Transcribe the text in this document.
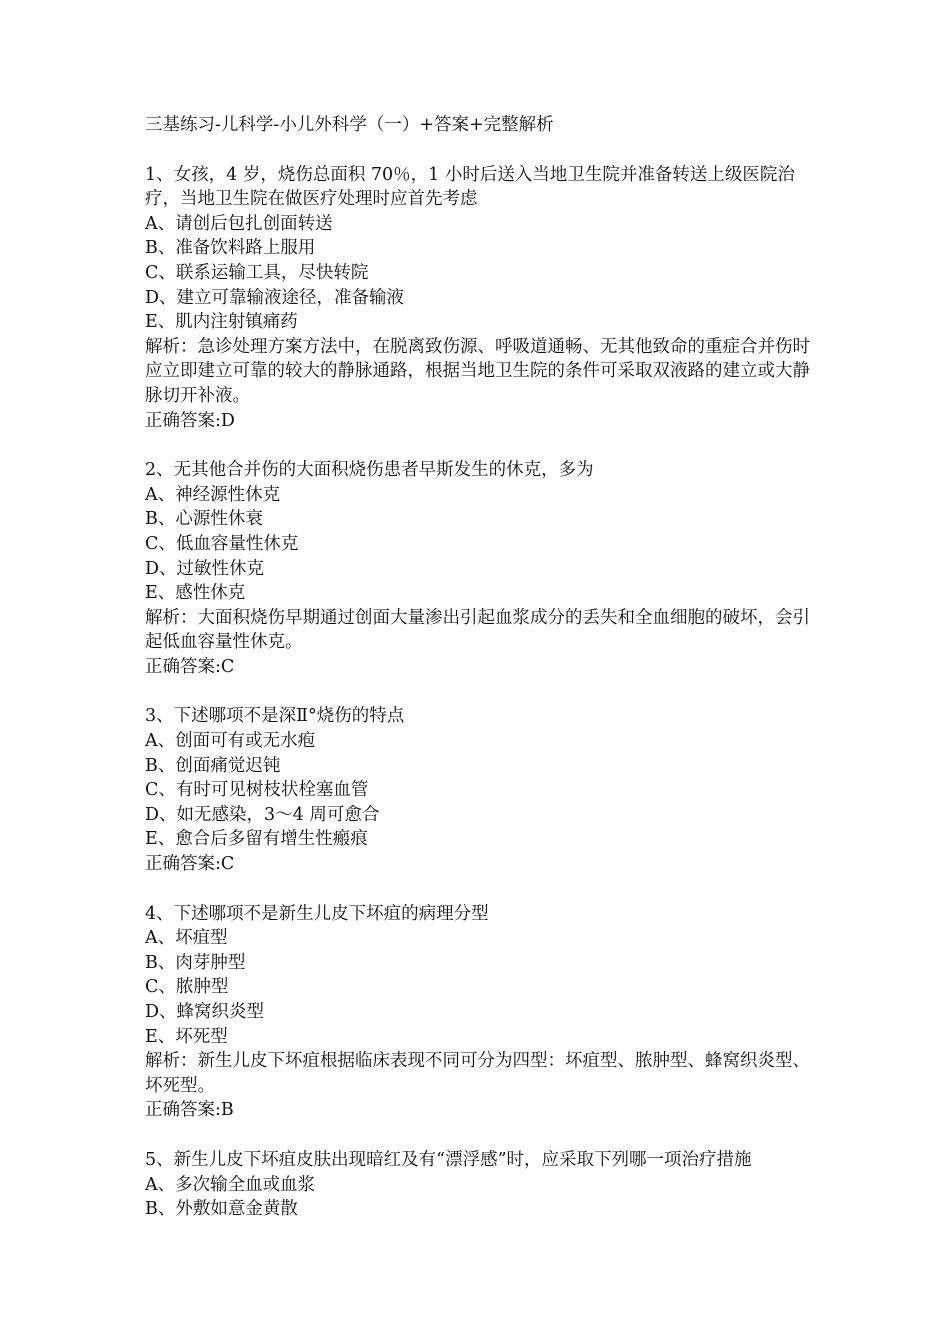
三基练习-儿科学-小儿外科学（一）+答案+完整解析
1、女孩，4 岁，烧伤总面积 70％，1 小时后送入当地卫生院并准备转送上级医院治疗，当地卫生院在做医疗处理时应首先考虑
A、请创后包扎创面转送
B、准备饮料路上服用
C、联系运输工具，尽快转院
D、建立可靠输液途径，准备输液
E、肌内注射镇痛药
解析：急诊处理方案方法中，在脱离致伤源、呼吸道通畅、无其他致命的重症合并伤时应立即建立可靠的较大的静脉通路，根据当地卫生院的条件可采取双液路的建立或大静脉切开补液。
正确答案:D
2、无其他合并伤的大面积烧伤患者早斯发生的休克，多为
A、神经源性休克
B、心源性休衰
C、低血容量性休克
D、过敏性休克
E、感性休克
解析：大面积烧伤早期通过创面大量渗出引起血浆成分的丢失和全血细胞的破坏，会引起低血容量性休克。
正确答案:C
3、下述哪项不是深Ⅱ°烧伤的特点
A、创面可有或无水疱
B、创面痛觉迟钝
C、有时可见树枝状栓塞血管
D、如无感染，3～4 周可愈合
E、愈合后多留有增生性瘢痕
正确答案:C
4、下述哪项不是新生儿皮下坏疽的病理分型
A、坏疽型
B、肉芽肿型
C、脓肿型
D、蜂窝织炎型
E、坏死型
解析：新生儿皮下坏疽根据临床表现不同可分为四型：坏疽型、脓肿型、蜂窝织炎型、坏死型。
正确答案:B
5、新生儿皮下坏疽皮肤出现暗红及有“漂浮感”时，应采取下列哪一项治疗措施
A、多次输全血或血浆
B、外敷如意金黄散
